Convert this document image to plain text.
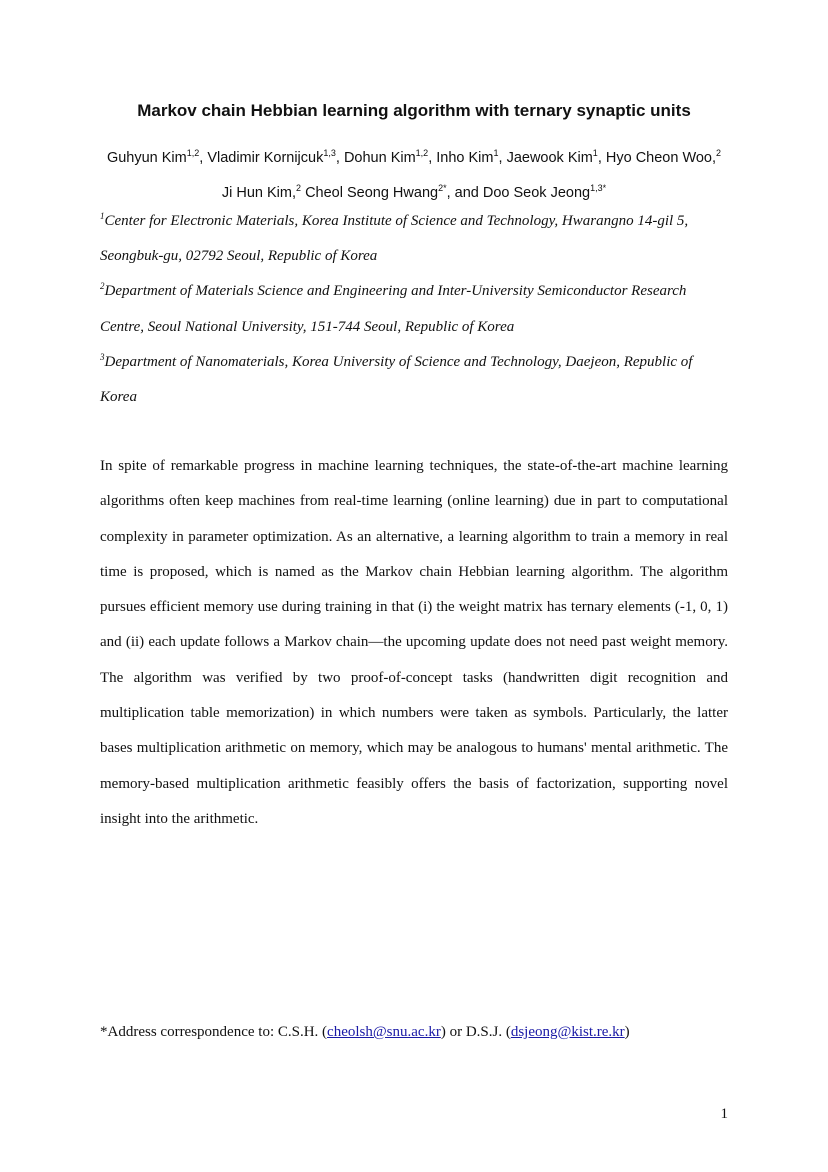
Markov chain Hebbian learning algorithm with ternary synaptic units
Guhyun Kim$^{1,2}$, Vladimir Kornijcuk$^{1,3}$, Dohun Kim$^{1,2}$, Inho Kim$^1$, Jaewook Kim$^1$, Hyo Cheon Woo,$^2$ Ji Hun Kim,$^2$ Cheol Seong Hwang$^{2*}$, and Doo Seok Jeong$^{1,3*}$

$^1$Center for Electronic Materials, Korea Institute of Science and Technology, Hwarangno 14-gil 5, Seongbuk-gu, 02792 Seoul, Republic of Korea

$^2$Department of Materials Science and Engineering and Inter-University Semiconductor Research Centre, Seoul National University, 151-744 Seoul, Republic of Korea

$^3$Department of Nanomaterials, Korea University of Science and Technology, Daejeon, Republic of Korea

In spite of remarkable progress in machine learning techniques, the state-of-the-art machine learning algorithms often keep machines from real-time learning (online learning) due in part to computational complexity in parameter optimization. As an alternative, a learning algorithm to train a memory in real time is proposed, which is named as the Markov chain Hebbian learning algorithm. The algorithm pursues efficient memory use during training in that (i) the weight matrix has ternary elements (-1, 0, 1) and (ii) each update follows a Markov chain—the upcoming update does not need past weight memory. The algorithm was verified by two proof-of-concept tasks (handwritten digit recognition and multiplication table memorization) in which numbers were taken as symbols. Particularly, the latter bases multiplication arithmetic on memory, which may be analogous to humans' mental arithmetic. The memory-based multiplication arithmetic feasibly offers the basis of factorization, supporting novel insight into the arithmetic.

*Address correspondence to: C.S.H. (cheolsh@snu.ac.kr) or D.S.J. (dsjeong@kist.re.kr)

1
